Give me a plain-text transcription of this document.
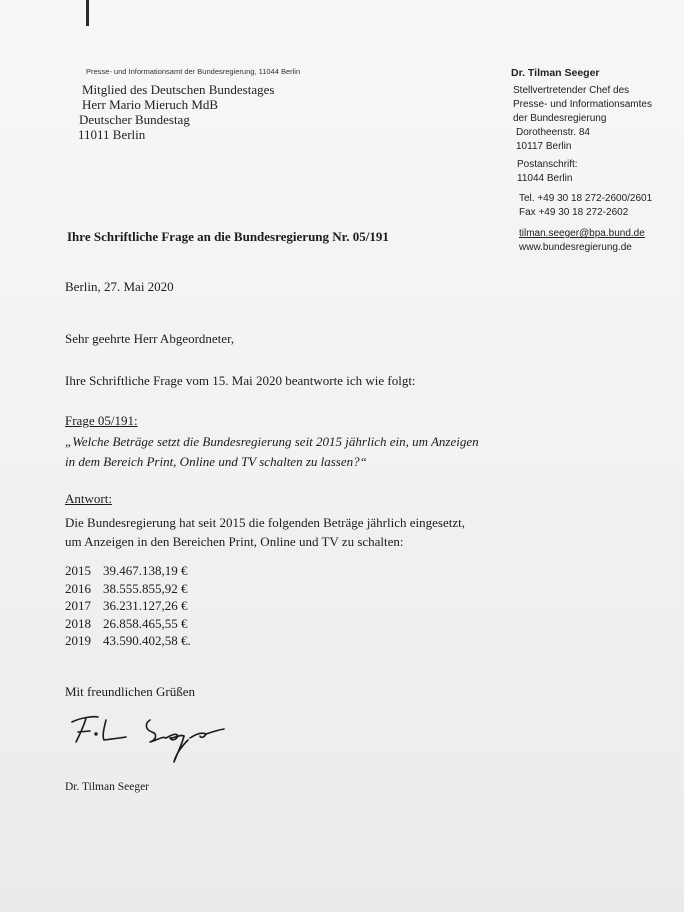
Presse- und Informationsamt der Bundesregierung, 11044 Berlin
Mitglied des Deutschen Bundestages
Herr Mario Mieruch MdB
Deutscher Bundestag
11011 Berlin
Dr. Tilman Seeger
Stellvertretender Chef des
Presse- und Informationsamtes
der Bundesregierung
Dorotheenstr. 84
10117 Berlin
Postanschrift:
11044 Berlin
Tel. +49 30 18 272-2600/2601
Fax +49 30 18 272-2602
tilman.seeger@bpa.bund.de
www.bundesregierung.de
Ihre Schriftliche Frage an die Bundesregierung Nr. 05/191
Berlin, 27. Mai 2020
Sehr geehrte Herr Abgeordneter,
Ihre Schriftliche Frage vom 15. Mai 2020 beantworte ich wie folgt:
Frage 05/191:
„Welche Beträge setzt die Bundesregierung seit 2015 jährlich ein, um Anzeigen
in dem Bereich Print, Online und TV schalten zu lassen?“
Antwort:
Die Bundesregierung hat seit 2015 die folgenden Beträge jährlich eingesetzt,
um Anzeigen in den Bereichen Print, Online und TV zu schalten:
2015 39.467.138,19 €
2016 38.555.855,92 €
2017 36.231.127,26 €
2018 26.858.465,55 €
2019 43.590.402,58 €.
Mit freundlichen Grüßen
Dr. Tilman Seeger
